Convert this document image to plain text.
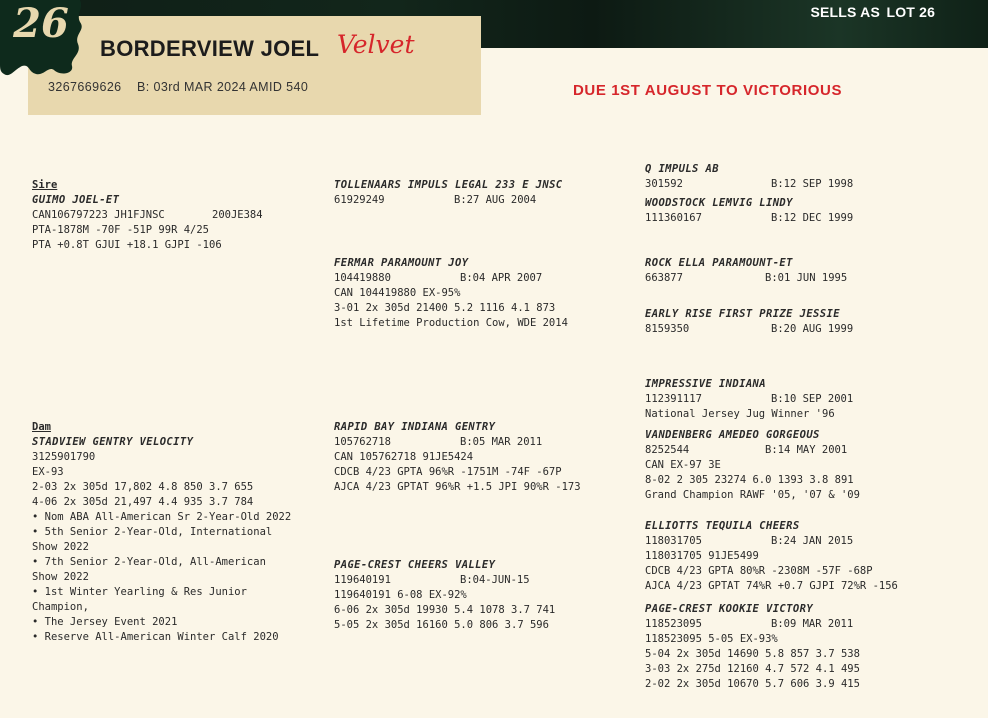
SELLS AS LOT 26
26
BORDERVIEW JOEL Velvet
3267669626    B: 03rd MAR 2024 AMID 540	DUE 1ST AUGUST TO VICTORIOUS
Sire
GUIMO JOEL-ET
CAN106797223 JH1FJNSC	200JE384
PTA-1878M -70F -51P 99R 4/25
PTA +0.8T GJUI +18.1 GJPI -106
TOLLENAARS IMPULS LEGAL 233 E JNSC
61929249	B:27 AUG 2004
FERMAR PARAMOUNT JOY
104419880	B:04 APR 2007
CAN 104419880 EX-95%
3-01 2x 305d 21400 5.2 1116 4.1 873
1st Lifetime Production Cow, WDE 2014
Q IMPULS AB
301592	B:12 SEP 1998
WOODSTOCK LEMVIG LINDY
111360167	B:12 DEC 1999
ROCK ELLA PARAMOUNT-ET
663877	B:01 JUN 1995
EARLY RISE FIRST PRIZE JESSIE
8159350	B:20 AUG 1999
Dam
STADVIEW GENTRY VELOCITY
3125901790
EX-93
2-03 2x 305d 17,802 4.8 850 3.7 655
4-06 2x 305d 21,497 4.4 935 3.7 784
• Nom ABA All-American Sr 2-Year-Old 2022
• 5th Senior 2-Year-Old, International
Show 2022
• 7th Senior 2-Year-Old, All-American
Show 2022
• 1st Winter Yearling & Res Junior
Champion,
• The Jersey Event 2021
• Reserve All-American Winter Calf 2020
RAPID BAY INDIANA GENTRY
105762718	B:05 MAR 2011
CAN 105762718 91JE5424
CDCB 4/23 GPTA 96%R -1751M -74F -67P
AJCA 4/23 GPTAT 96%R +1.5 JPI 90%R -173
PAGE-CREST CHEERS VALLEY
119640191	B:04-JUN-15
119640191 6-08 EX-92%
6-06 2x 305d 19930 5.4 1078 3.7 741
5-05 2x 305d 16160 5.0 806 3.7 596
IMPRESSIVE INDIANA
112391117	B:10 SEP 2001
National Jersey Jug Winner '96
VANDENBERG AMEDEO GORGEOUS
8252544	B:14 MAY 2001
CAN EX-97 3E
8-02 2 305 23274 6.0 1393 3.8 891
Grand Champion RAWF '05, '07 & '09
ELLIOTTS TEQUILA CHEERS
118031705	B:24 JAN 2015
118031705 91JE5499
CDCB 4/23 GPTA 80%R -2308M -57F -68P
AJCA 4/23 GPTAT 74%R +0.7 GJPI 72%R -156
PAGE-CREST KOOKIE VICTORY
118523095	B:09 MAR 2011
118523095 5-05 EX-93%
5-04 2x 305d 14690 5.8 857 3.7 538
3-03 2x 275d 12160 4.7 572 4.1 495
2-02 2x 305d 10670 5.7 606 3.9 415
